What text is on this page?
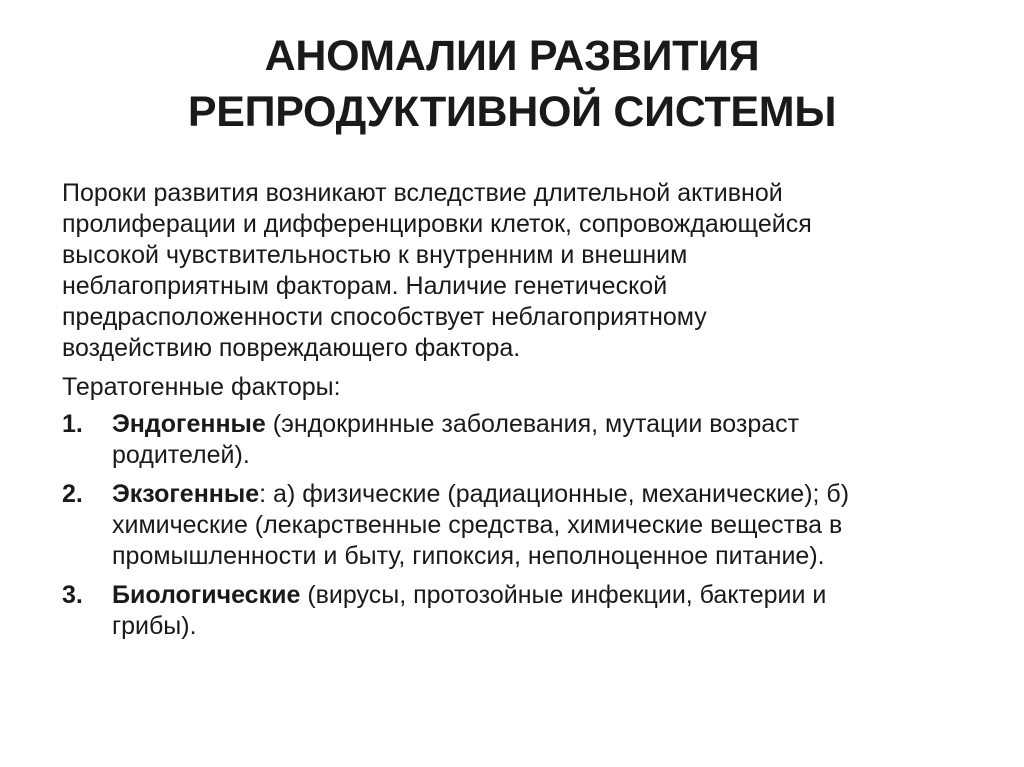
АНОМАЛИИ РАЗВИТИЯ
РЕПРОДУКТИВНОЙ СИСТЕМЫ

Пороки развития возникают вследствие длительной активной
пролиферации и дифференцировки клеток, сопровождающейся
высокой чувствительностью к внутренним и внешним
неблагоприятным факторам. Наличие генетической
предрасположенности способствует неблагоприятному
воздействию повреждающего фактора.

Тератогенные факторы:

1. Эндогенные (эндокринные заболевания, мутации возраст
родителей).
2. Экзогенные: а) физические (радиационные, механические); б)
химические (лекарственные средства, химические вещества в
промышленности и быту, гипоксия, неполноценное питание).
3. Биологические (вирусы, протозойные инфекции, бактерии и
грибы).
